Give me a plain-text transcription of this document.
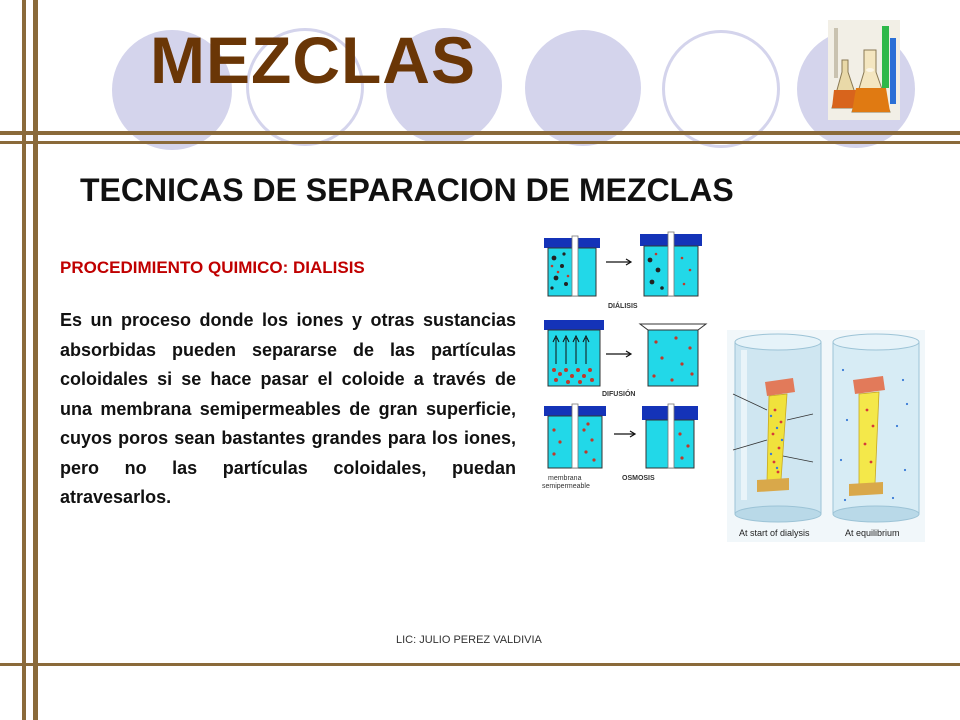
MEZCLAS
TECNICAS DE SEPARACION DE MEZCLAS
PROCEDIMIENTO QUIMICO: DIALISIS
Es un proceso donde los iones y otras sustancias absorbidas pueden separarse de las partículas coloidales si se hace pasar el coloide a través de una membrana semipermeables de gran superficie, cuyos poros sean bastantes grandes para los iones, pero no las partículas coloidales, puedan atravesarlos.
LIC: JULIO PEREZ VALDIVIA
DIÁLISIS
DIFUSIÓN
membrana
semipermeable
OSMOSIS
At start of dialysis	At equilibrium
